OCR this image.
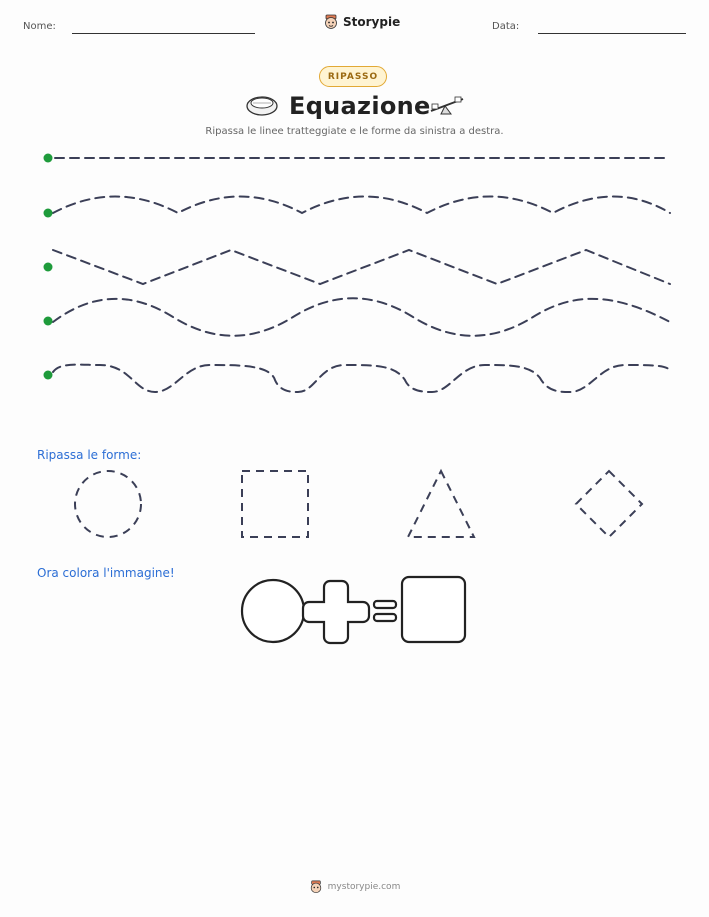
Nome:	Storypie	Data:
RIPASSO
Equazione
Ripassa le linee tratteggiate e le forme da sinistra a destra.
Ripassa le forme:
Ora colora l'immagine!
mystorypie.com
